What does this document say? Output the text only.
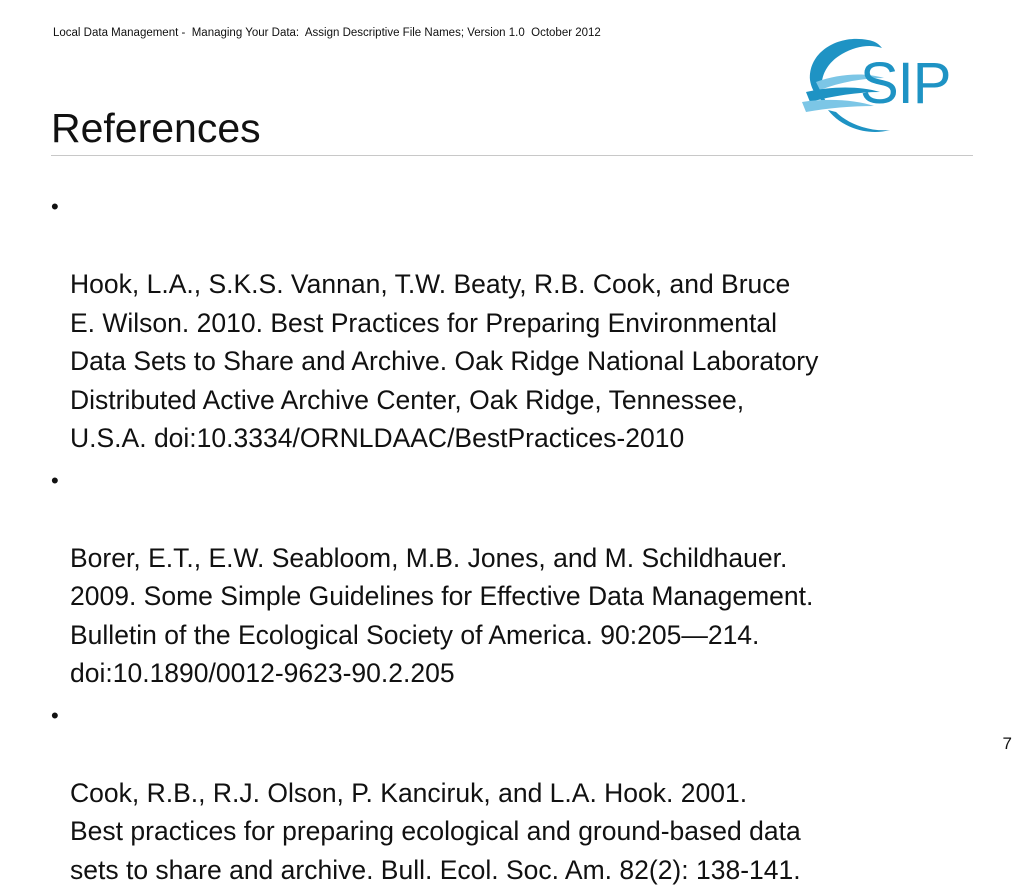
Local Data Management -  Managing Your Data:  Assign Descriptive File Names; Version 1.0  October 2012
SIP
References

•

Hook, L.A., S.K.S. Vannan, T.W. Beaty, R.B. Cook, and Bruce
E. Wilson. 2010. Best Practices for Preparing Environmental
Data Sets to Share and Archive. Oak Ridge National Laboratory
Distributed Active Archive Center, Oak Ridge, Tennessee,
U.S.A. doi:10.3334/ORNLDAAC/BestPractices-2010

•

Borer, E.T., E.W. Seabloom, M.B. Jones, and M. Schildhauer.
2009. Some Simple Guidelines for Effective Data Management.
Bulletin of the Ecological Society of America. 90:205—214.
doi:10.1890/0012-9623-90.2.205

•

Cook, R.B., R.J. Olson, P. Kanciruk, and L.A. Hook. 2001.
Best practices for preparing ecological and ground-based data
sets to share and archive. Bull. Ecol. Soc. Am. 82(2): 138-141.

7
